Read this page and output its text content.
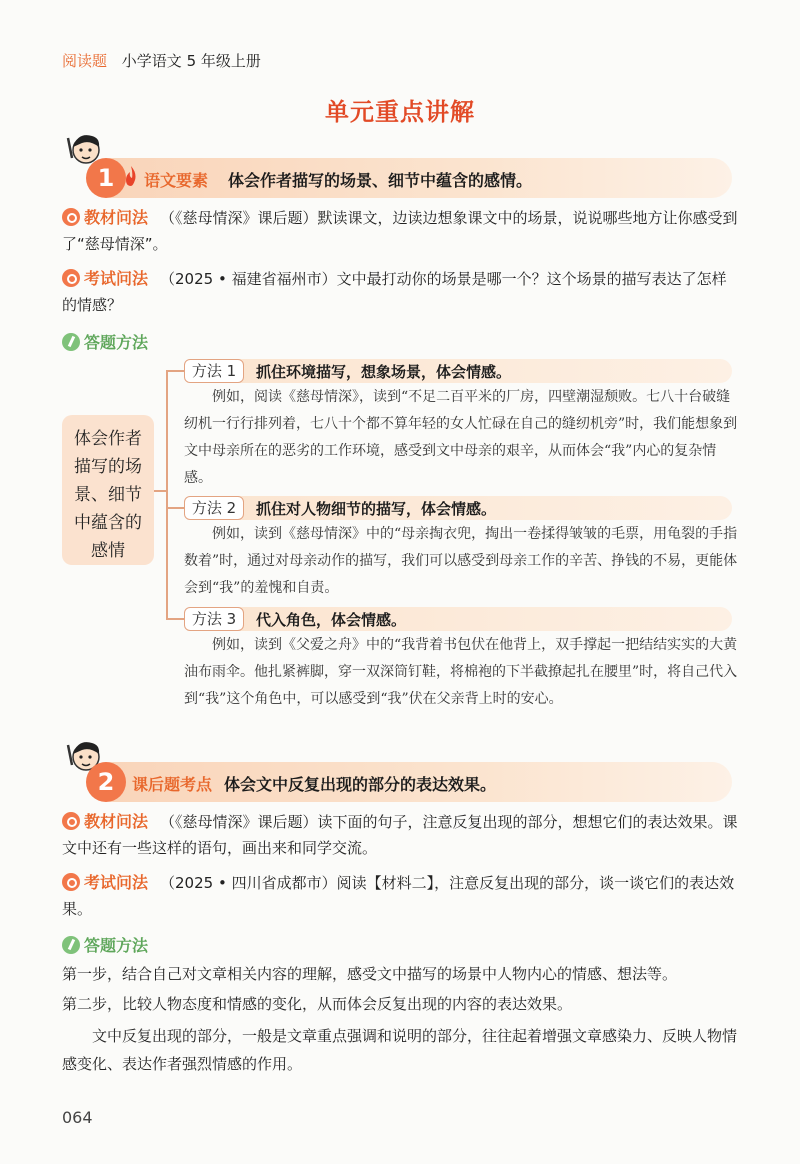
阅读题 小学语文 5 年级上册
单元重点讲解
1	语文要素 体会作者描写的场景、细节中蕴含的感情。
教材问法 （《慈母情深》课后题）默读课文，边读边想象课文中的场景，说说哪些地方让你感受到了“慈母情深”。
考试问法 （2025 • 福建省福州市）文中最打动你的场景是哪一个？这个场景的描写表达了怎样的情感？
答题方法
体会作者
描写的场
景、细节
中蕴含的
感情
方法 1	抓住环境描写，想象场景，体会情感。
例如，阅读《慈母情深》，读到“不足二百平米的厂房，四壁潮湿颓败。七八十台破缝纫机一行行排列着，七八十个都不算年轻的女人忙碌在自己的缝纫机旁”时，我们能想象到文中母亲所在的恶劣的工作环境，感受到文中母亲的艰辛，从而体会“我”内心的复杂情感。
方法 2	抓住对人物细节的描写，体会情感。
例如，读到《慈母情深》中的“母亲掏衣兜，掏出一卷揉得皱皱的毛票，用龟裂的手指数着”时，通过对母亲动作的描写，我们可以感受到母亲工作的辛苦、挣钱的不易，更能体会到“我”的羞愧和自责。
方法 3	代入角色，体会情感。
例如，读到《父爱之舟》中的“我背着书包伏在他背上，双手撑起一把结结实实的大黄油布雨伞。他扎紧裤脚，穿一双深筒钉鞋，将棉袍的下半截撩起扎在腰里”时，将自己代入到“我”这个角色中，可以感受到“我”伏在父亲背上时的安心。
2	课后题考点 体会文中反复出现的部分的表达效果。
教材问法 （《慈母情深》课后题）读下面的句子，注意反复出现的部分，想想它们的表达效果。课文中还有一些这样的语句，画出来和同学交流。
考试问法 （2025 • 四川省成都市）阅读【材料二】，注意反复出现的部分，谈一谈它们的表达效果。
答题方法
第一步，结合自己对文章相关内容的理解，感受文中描写的场景中人物内心的情感、想法等。
第二步，比较人物态度和情感的变化，从而体会反复出现的内容的表达效果。
文中反复出现的部分，一般是文章重点强调和说明的部分，往往起着增强文章感染力、反映人物情感变化、表达作者强烈情感的作用。
064
